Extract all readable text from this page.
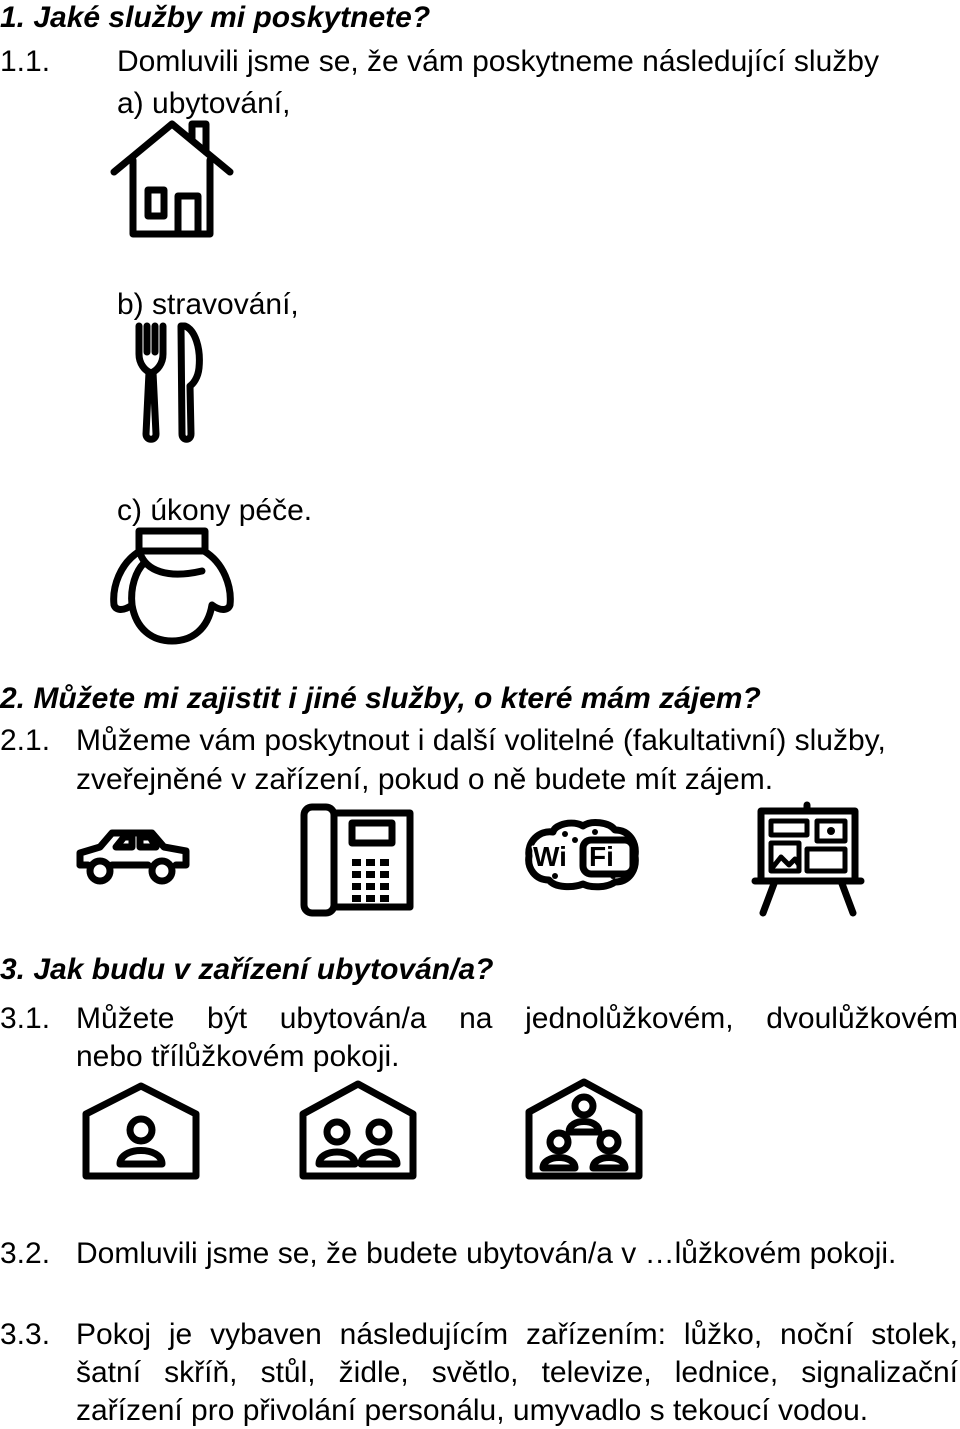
1. Jaké služby mi poskytnete?
1.1. Domluvili jsme se, že vám poskytneme následující služby
a) ubytování,
b) stravování,
c) úkony péče.
2. Můžete mi zajistit i jiné služby, o které mám zájem?
2.1. Můžeme vám poskytnout i další volitelné (fakultativní) služby,
zveřejněné v zařízení, pokud o ně budete mít zájem.
Wi Fi
3. Jak budu v zařízení ubytován/a?
3.1. Můžete být ubytován/a na jednolůžkovém, dvoulůžkovém
nebo třílůžkovém pokoji.
3.2. Domluvili jsme se, že budete ubytován/a v …lůžkovém pokoji.
3.3. Pokoj je vybaven následujícím zařízením: lůžko, noční stolek,
šatní skříň, stůl, židle, světlo, televize, lednice, signalizační
zařízení pro přivolání personálu, umyvadlo s tekoucí vodou.
